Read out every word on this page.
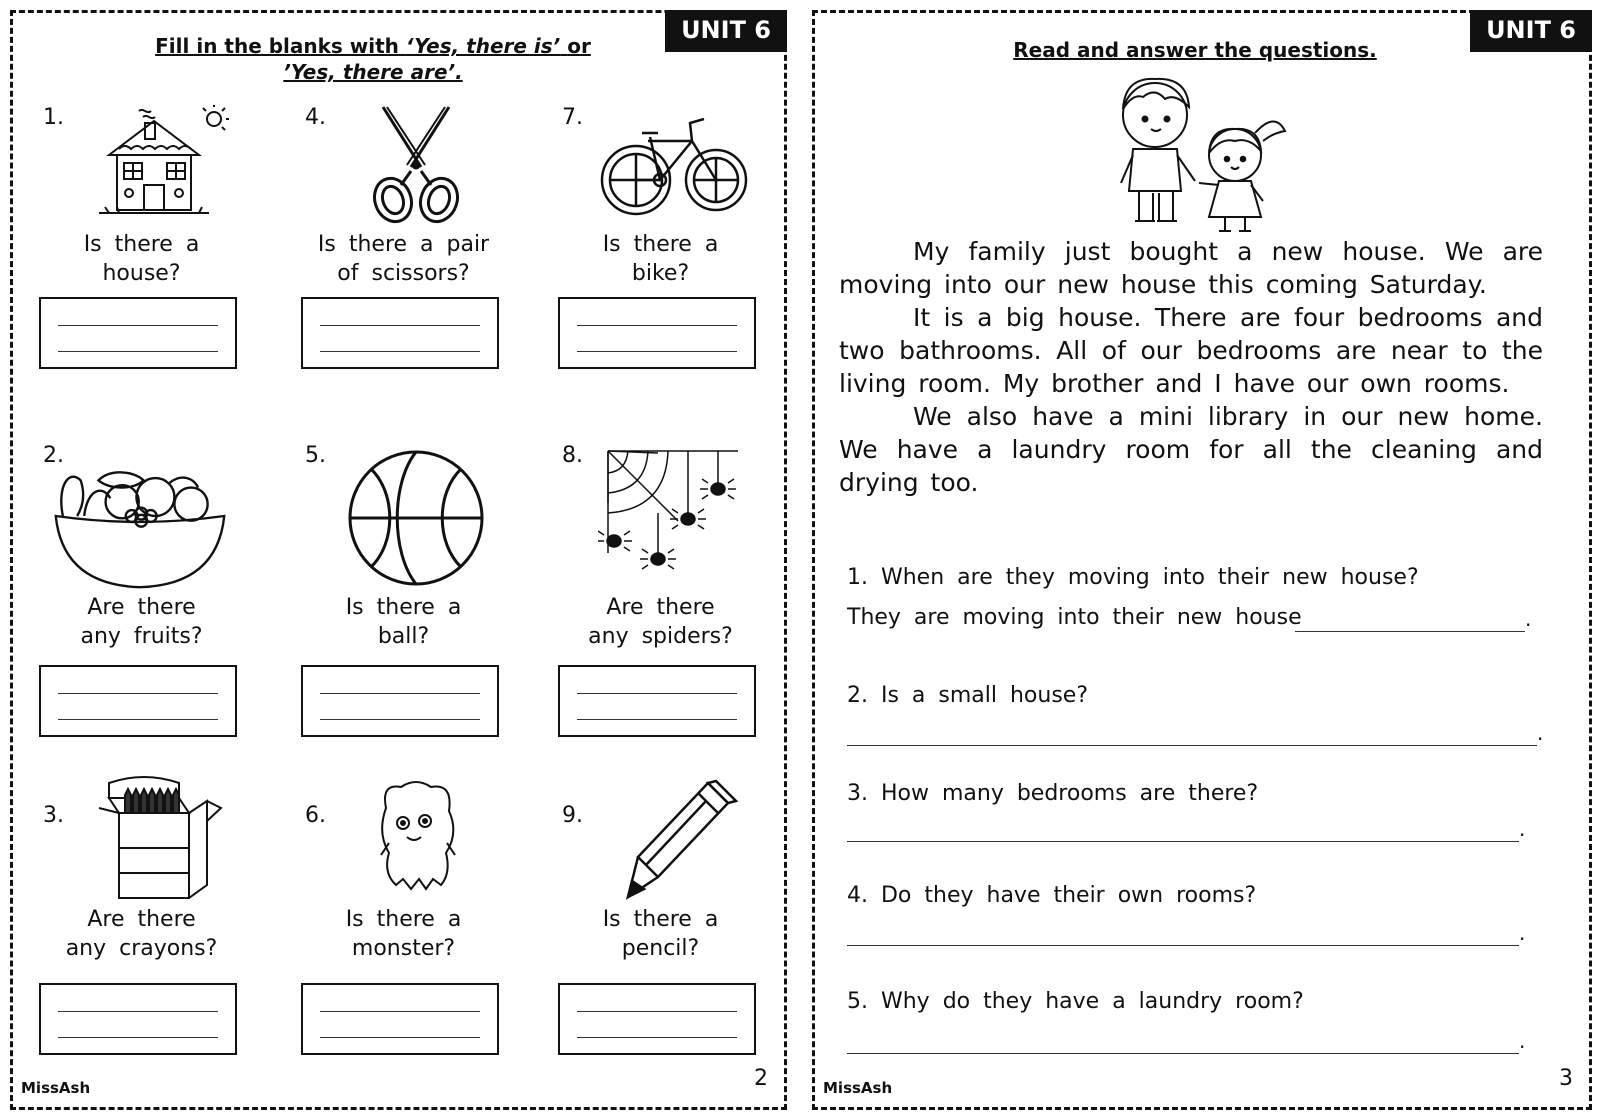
UNIT 6
Fill in the blanks with ‘Yes, there is’ or
’Yes, there are’.
1.
Is there a
house?
4.
Is there a pair
of scissors?
7.
Is there a
bike?
2.
Are there
any fruits?
5.
Is there a
ball?
8.
Are there
any spiders?
3.
Are there
any crayons?
6.
Is there a
monster?
9.
Is there a
pencil?
MissAsh	2
UNIT 6
Read and answer the questions.

My family just bought a new house. We are moving into our new house this coming Saturday.

It is a big house. There are four bedrooms and two bathrooms. All of our bedrooms are near to the living room. My brother and I have our own rooms.

We also have a mini library in our new home. We have a laundry room for all the cleaning and drying too.

1. When are they moving into their new house?
They are moving into their new house	.
2. Is a small house?
.
3. How many bedrooms are there?
.
4. Do they have their own rooms?
.
5. Why do they have a laundry room?
.
MissAsh	3
